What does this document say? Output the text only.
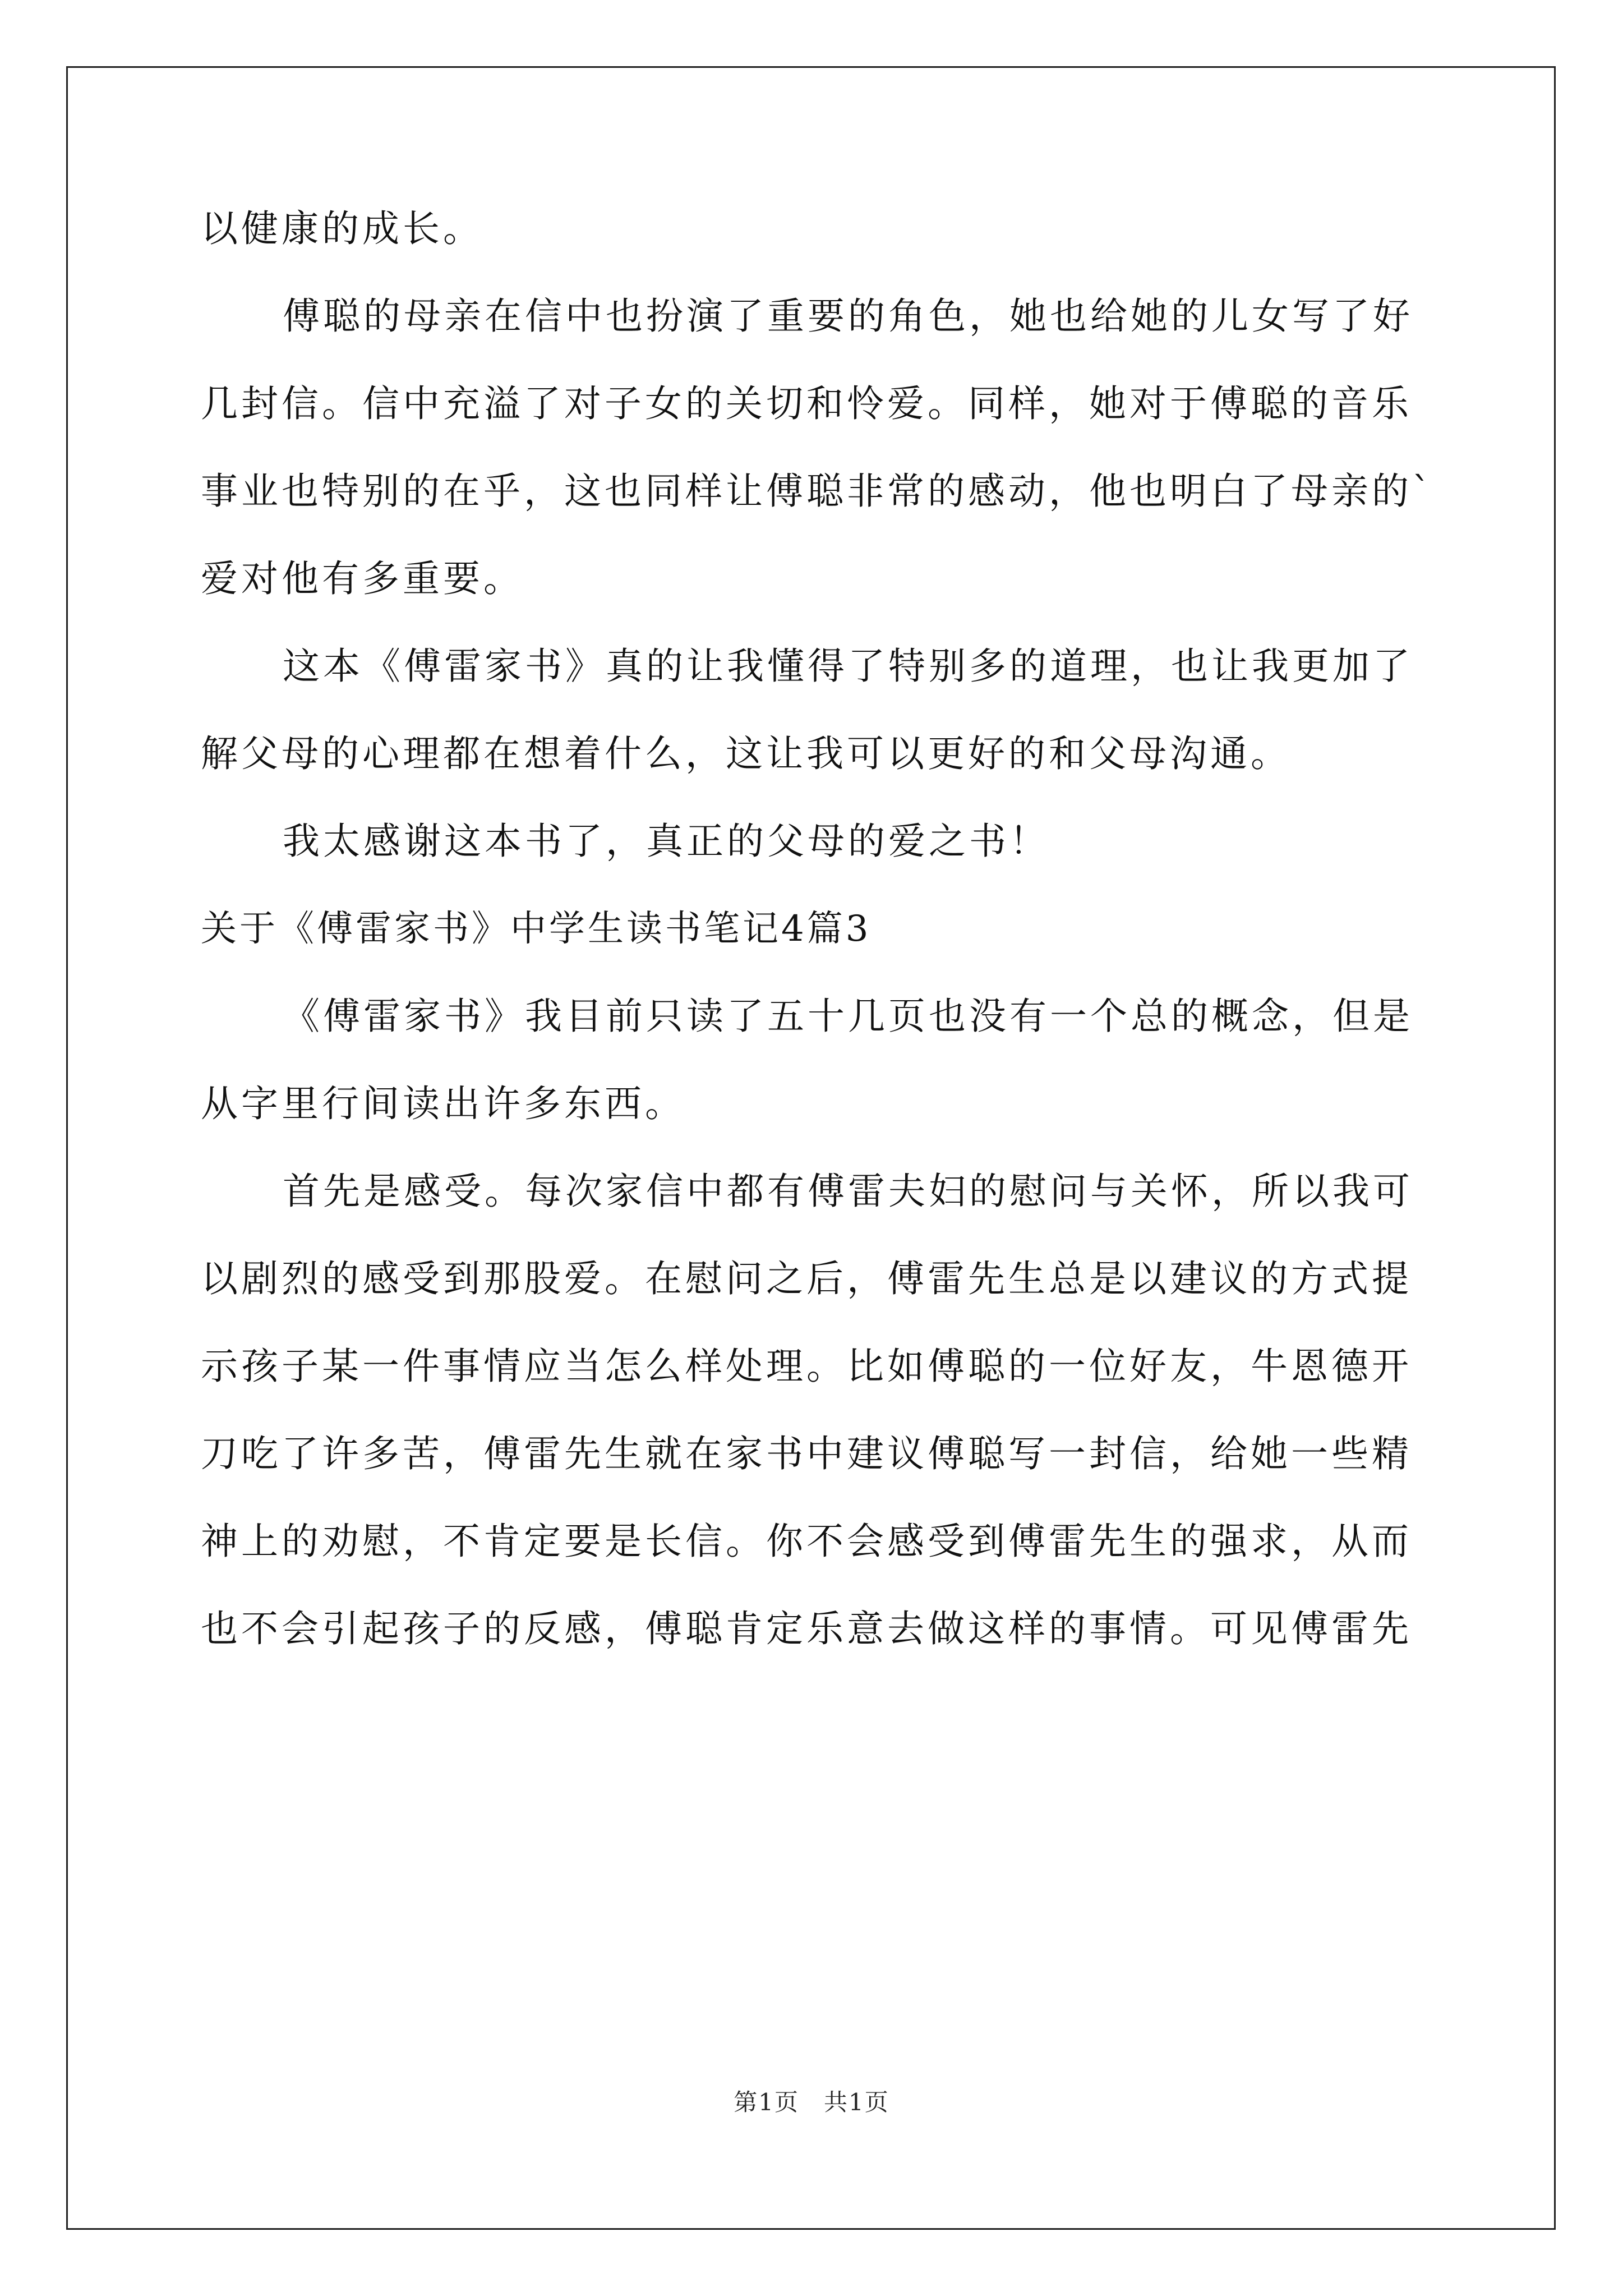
以健康的成长。
傅聪的母亲在信中也扮演了重要的角色，她也给她的儿女写了好
几封信。信中充溢了对子女的关切和怜爱。同样，她对于傅聪的音乐
事业也特别的在乎，这也同样让傅聪非常的感动，他也明白了母亲的`
爱对他有多重要。
这本《傅雷家书》真的让我懂得了特别多的道理，也让我更加了
解父母的心理都在想着什么，这让我可以更好的和父母沟通。
我太感谢这本书了，真正的父母的爱之书！
关于《傅雷家书》中学生读书笔记4篇3
《傅雷家书》我目前只读了五十几页也没有一个总的概念，但是
从字里行间读出许多东西。
首先是感受。每次家信中都有傅雷夫妇的慰问与关怀，所以我可
以剧烈的感受到那股爱。在慰问之后，傅雷先生总是以建议的方式提
示孩子某一件事情应当怎么样处理。比如傅聪的一位好友，牛恩德开
刀吃了许多苦，傅雷先生就在家书中建议傅聪写一封信，给她一些精
神上的劝慰，不肯定要是长信。你不会感受到傅雷先生的强求，从而
也不会引起孩子的反感，傅聪肯定乐意去做这样的事情。可见傅雷先
第1页　共1页
